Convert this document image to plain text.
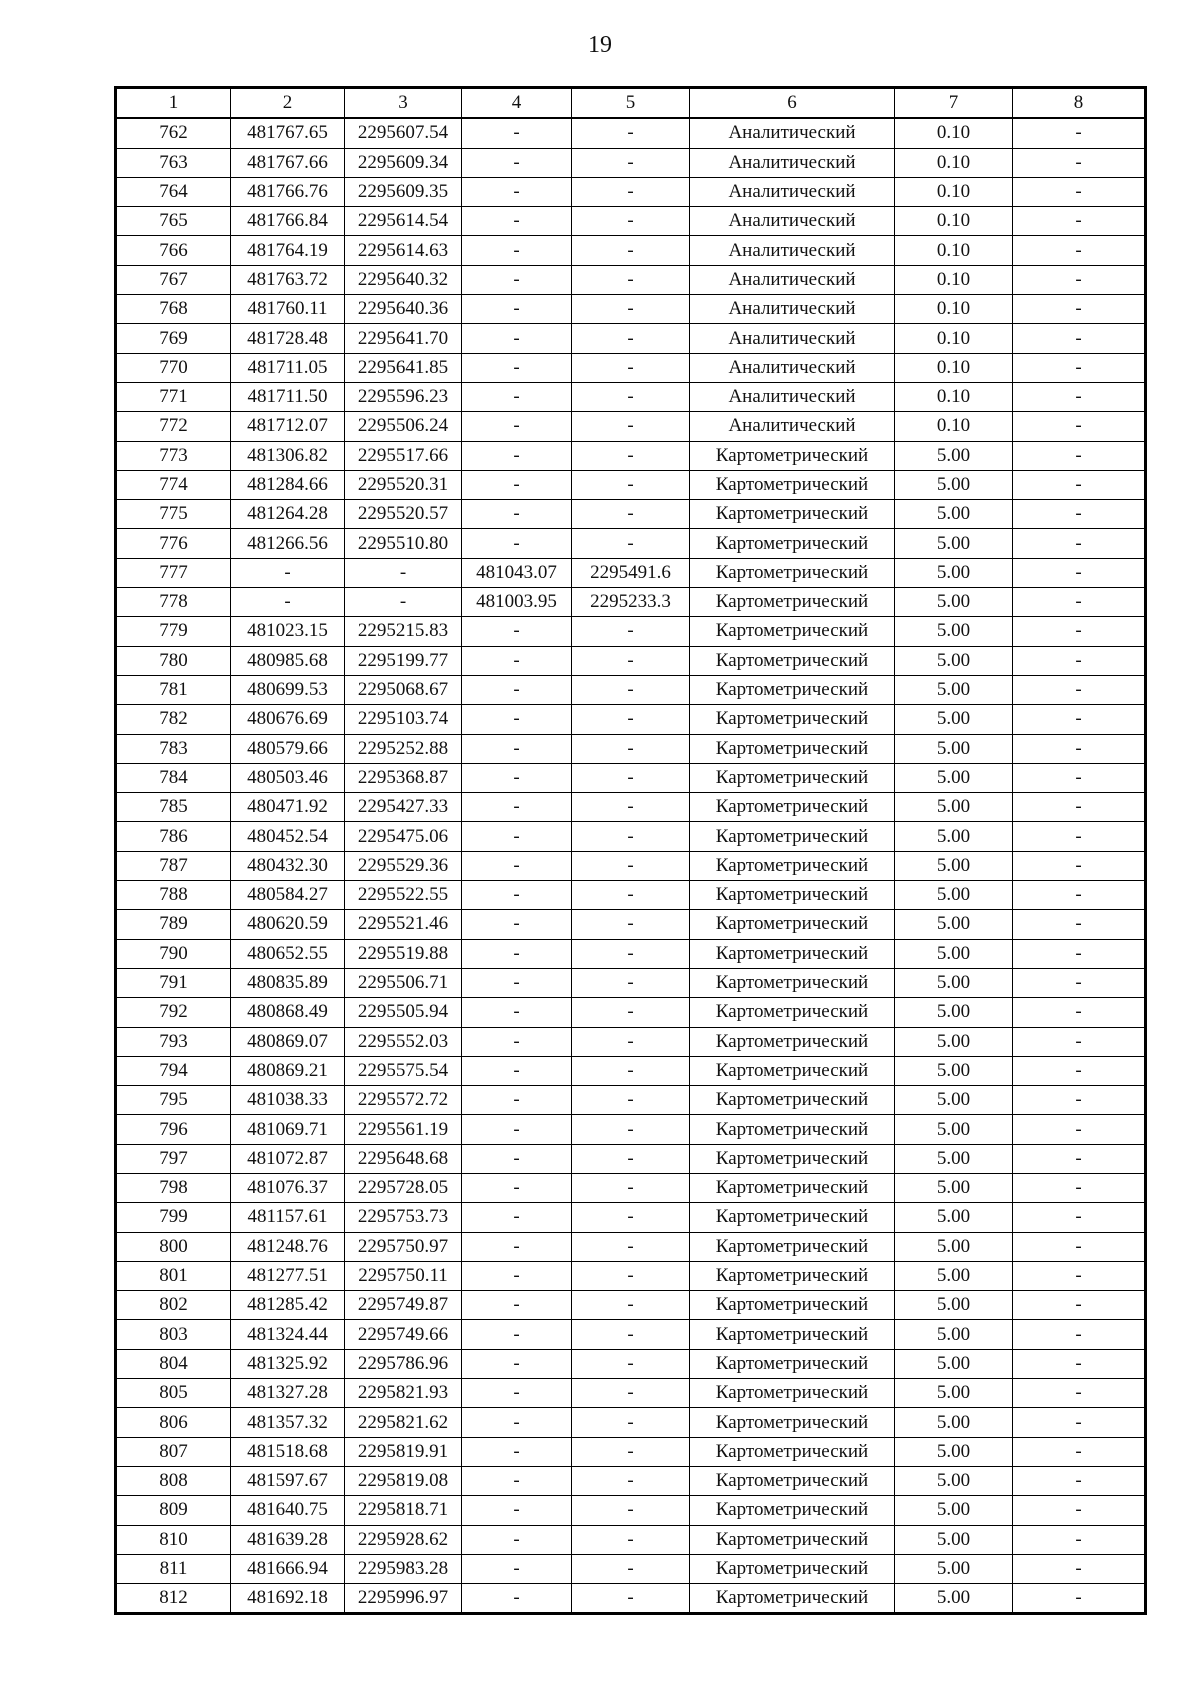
19
1	2	3	4	5	6	7	8
762	481767.65	2295607.54	-	-	Аналитический	0.10	-
763	481767.66	2295609.34	-	-	Аналитический	0.10	-
764	481766.76	2295609.35	-	-	Аналитический	0.10	-
765	481766.84	2295614.54	-	-	Аналитический	0.10	-
766	481764.19	2295614.63	-	-	Аналитический	0.10	-
767	481763.72	2295640.32	-	-	Аналитический	0.10	-
768	481760.11	2295640.36	-	-	Аналитический	0.10	-
769	481728.48	2295641.70	-	-	Аналитический	0.10	-
770	481711.05	2295641.85	-	-	Аналитический	0.10	-
771	481711.50	2295596.23	-	-	Аналитический	0.10	-
772	481712.07	2295506.24	-	-	Аналитический	0.10	-
773	481306.82	2295517.66	-	-	Картометрический	5.00	-
774	481284.66	2295520.31	-	-	Картометрический	5.00	-
775	481264.28	2295520.57	-	-	Картометрический	5.00	-
776	481266.56	2295510.80	-	-	Картометрический	5.00	-
777	-	-	481043.07	2295491.6	Картометрический	5.00	-
778	-	-	481003.95	2295233.3	Картометрический	5.00	-
779	481023.15	2295215.83	-	-	Картометрический	5.00	-
780	480985.68	2295199.77	-	-	Картометрический	5.00	-
781	480699.53	2295068.67	-	-	Картометрический	5.00	-
782	480676.69	2295103.74	-	-	Картометрический	5.00	-
783	480579.66	2295252.88	-	-	Картометрический	5.00	-
784	480503.46	2295368.87	-	-	Картометрический	5.00	-
785	480471.92	2295427.33	-	-	Картометрический	5.00	-
786	480452.54	2295475.06	-	-	Картометрический	5.00	-
787	480432.30	2295529.36	-	-	Картометрический	5.00	-
788	480584.27	2295522.55	-	-	Картометрический	5.00	-
789	480620.59	2295521.46	-	-	Картометрический	5.00	-
790	480652.55	2295519.88	-	-	Картометрический	5.00	-
791	480835.89	2295506.71	-	-	Картометрический	5.00	-
792	480868.49	2295505.94	-	-	Картометрический	5.00	-
793	480869.07	2295552.03	-	-	Картометрический	5.00	-
794	480869.21	2295575.54	-	-	Картометрический	5.00	-
795	481038.33	2295572.72	-	-	Картометрический	5.00	-
796	481069.71	2295561.19	-	-	Картометрический	5.00	-
797	481072.87	2295648.68	-	-	Картометрический	5.00	-
798	481076.37	2295728.05	-	-	Картометрический	5.00	-
799	481157.61	2295753.73	-	-	Картометрический	5.00	-
800	481248.76	2295750.97	-	-	Картометрический	5.00	-
801	481277.51	2295750.11	-	-	Картометрический	5.00	-
802	481285.42	2295749.87	-	-	Картометрический	5.00	-
803	481324.44	2295749.66	-	-	Картометрический	5.00	-
804	481325.92	2295786.96	-	-	Картометрический	5.00	-
805	481327.28	2295821.93	-	-	Картометрический	5.00	-
806	481357.32	2295821.62	-	-	Картометрический	5.00	-
807	481518.68	2295819.91	-	-	Картометрический	5.00	-
808	481597.67	2295819.08	-	-	Картометрический	5.00	-
809	481640.75	2295818.71	-	-	Картометрический	5.00	-
810	481639.28	2295928.62	-	-	Картометрический	5.00	-
811	481666.94	2295983.28	-	-	Картометрический	5.00	-
812	481692.18	2295996.97	-	-	Картометрический	5.00	-
